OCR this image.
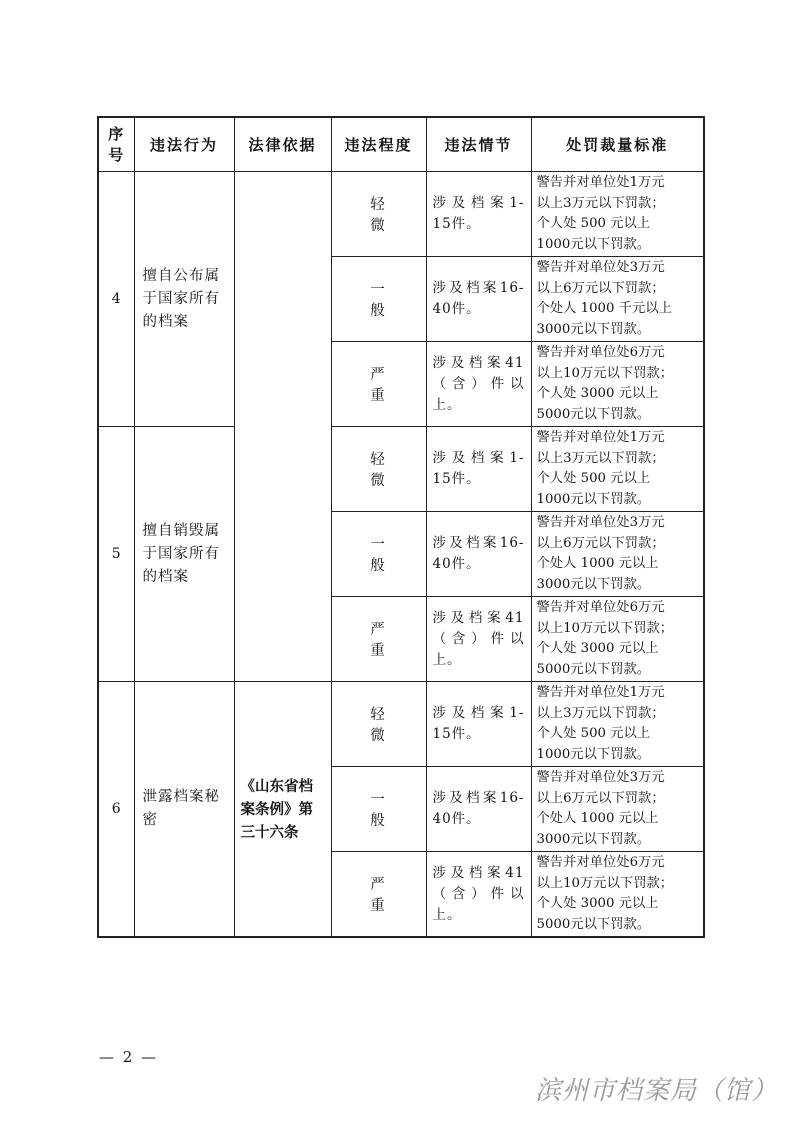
序号	违法行为	法律依据	违法程度	违法情节	处罚裁量标准
4	擅自公布属于国家所有的档案		轻 微	涉及档案1-15件。	警告并对单位处1万元
以上3万元以下罚款；
个人处 500 元以上
1000元以下罚款。

			一 般	涉及档案16-40件。	警告并对单位处3万元
以上6万元以下罚款；
个处人 1000 千元以上
3000元以下罚款。

			严 重	涉及档案41（含）件以上。	警告并对单位处6万元
以上10万元以下罚款；
个人处 3000 元以上
5000元以下罚款。

5	擅自销毁属于国家所有的档案		轻 微	涉及档案1-15件。	警告并对单位处1万元
以上3万元以下罚款；
个人处 500 元以上
1000元以下罚款。

			一 般	涉及档案16-40件。	警告并对单位处3万元
以上6万元以下罚款；
个处人 1000 元以上
3000元以下罚款。

			严 重	涉及档案41（含）件以上。	警告并对单位处6万元
以上10万元以下罚款；
个人处 3000 元以上
5000元以下罚款。

6	泄露档案秘密	《山东省档案条例》第三十六条	轻 微	涉及档案1-15件。	警告并对单位处1万元
以上3万元以下罚款；
个人处 500 元以上
1000元以下罚款。

			一 般	涉及档案16-40件。	警告并对单位处3万元
以上6万元以下罚款；
个处人 1000 元以上
3000元以下罚款。

			严 重	涉及档案41（含）件以上。	警告并对单位处6万元
以上10万元以下罚款；
个人处 3000 元以上
5000元以下罚款。
— 2 —
滨州市档案局（馆）
